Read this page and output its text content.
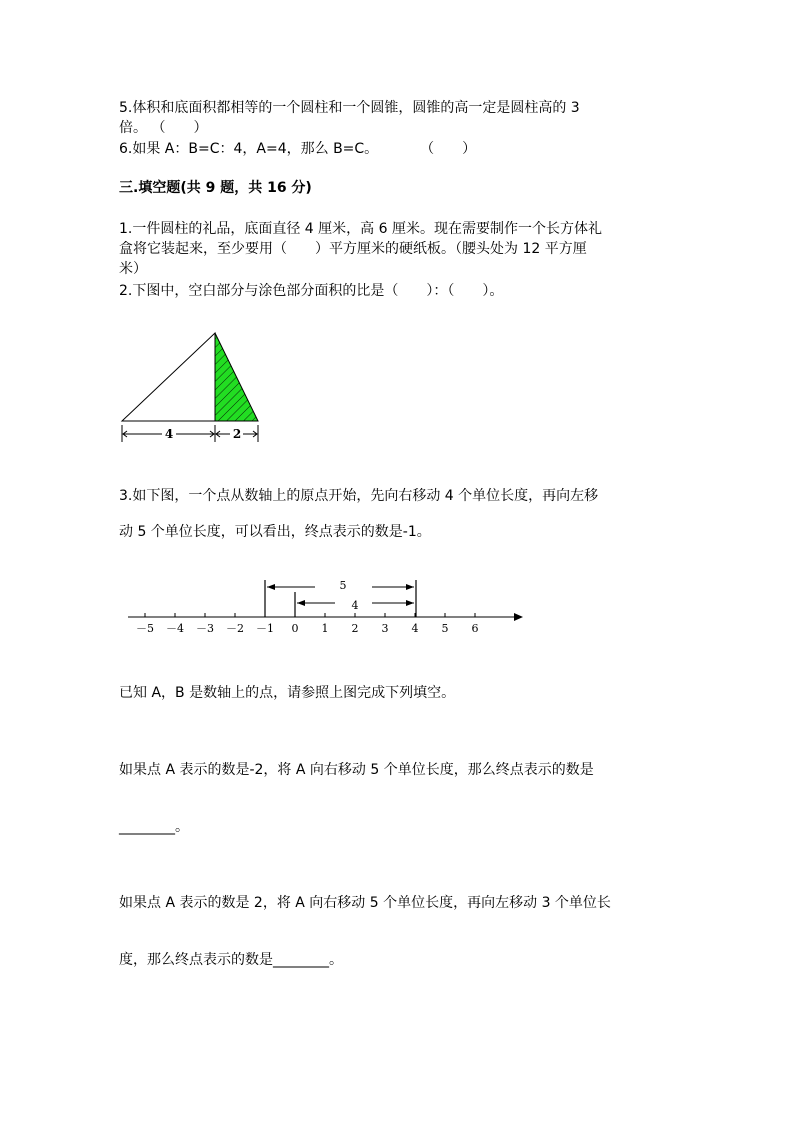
5.体积和底面积都相等的一个圆柱和一个圆锥，圆锥的高一定是圆柱高的 3
倍。 （　　）
6.如果 A：B=C：4，A=4，那么 B=C。　　　　（　　）
三.填空题(共 9 题，共 16 分)
1.一件圆柱的礼品，底面直径 4 厘米，高 6 厘米。现在需要制作一个长方体礼
盒将它装起来，至少要用（　　）平方厘米的硬纸板。（腰头处为 12 平方厘
米）
2.下图中，空白部分与涂色部分面积的比是（　　）：（　　）。
4	2
3.如下图，一个点从数轴上的原点开始，先向右移动 4 个单位长度，再向左移
动 5 个单位长度，可以看出，终点表示的数是-1。
5
4
－5 －4 －3 －2 －1 0 1 2 3 4 5 6
已知 A，B 是数轴上的点，请参照上图完成下列填空。
如果点 A 表示的数是-2，将 A 向右移动 5 个单位长度，那么终点表示的数是
________。
如果点 A 表示的数是 2，将 A 向右移动 5 个单位长度，再向左移动 3 个单位长
度，那么终点表示的数是________。
